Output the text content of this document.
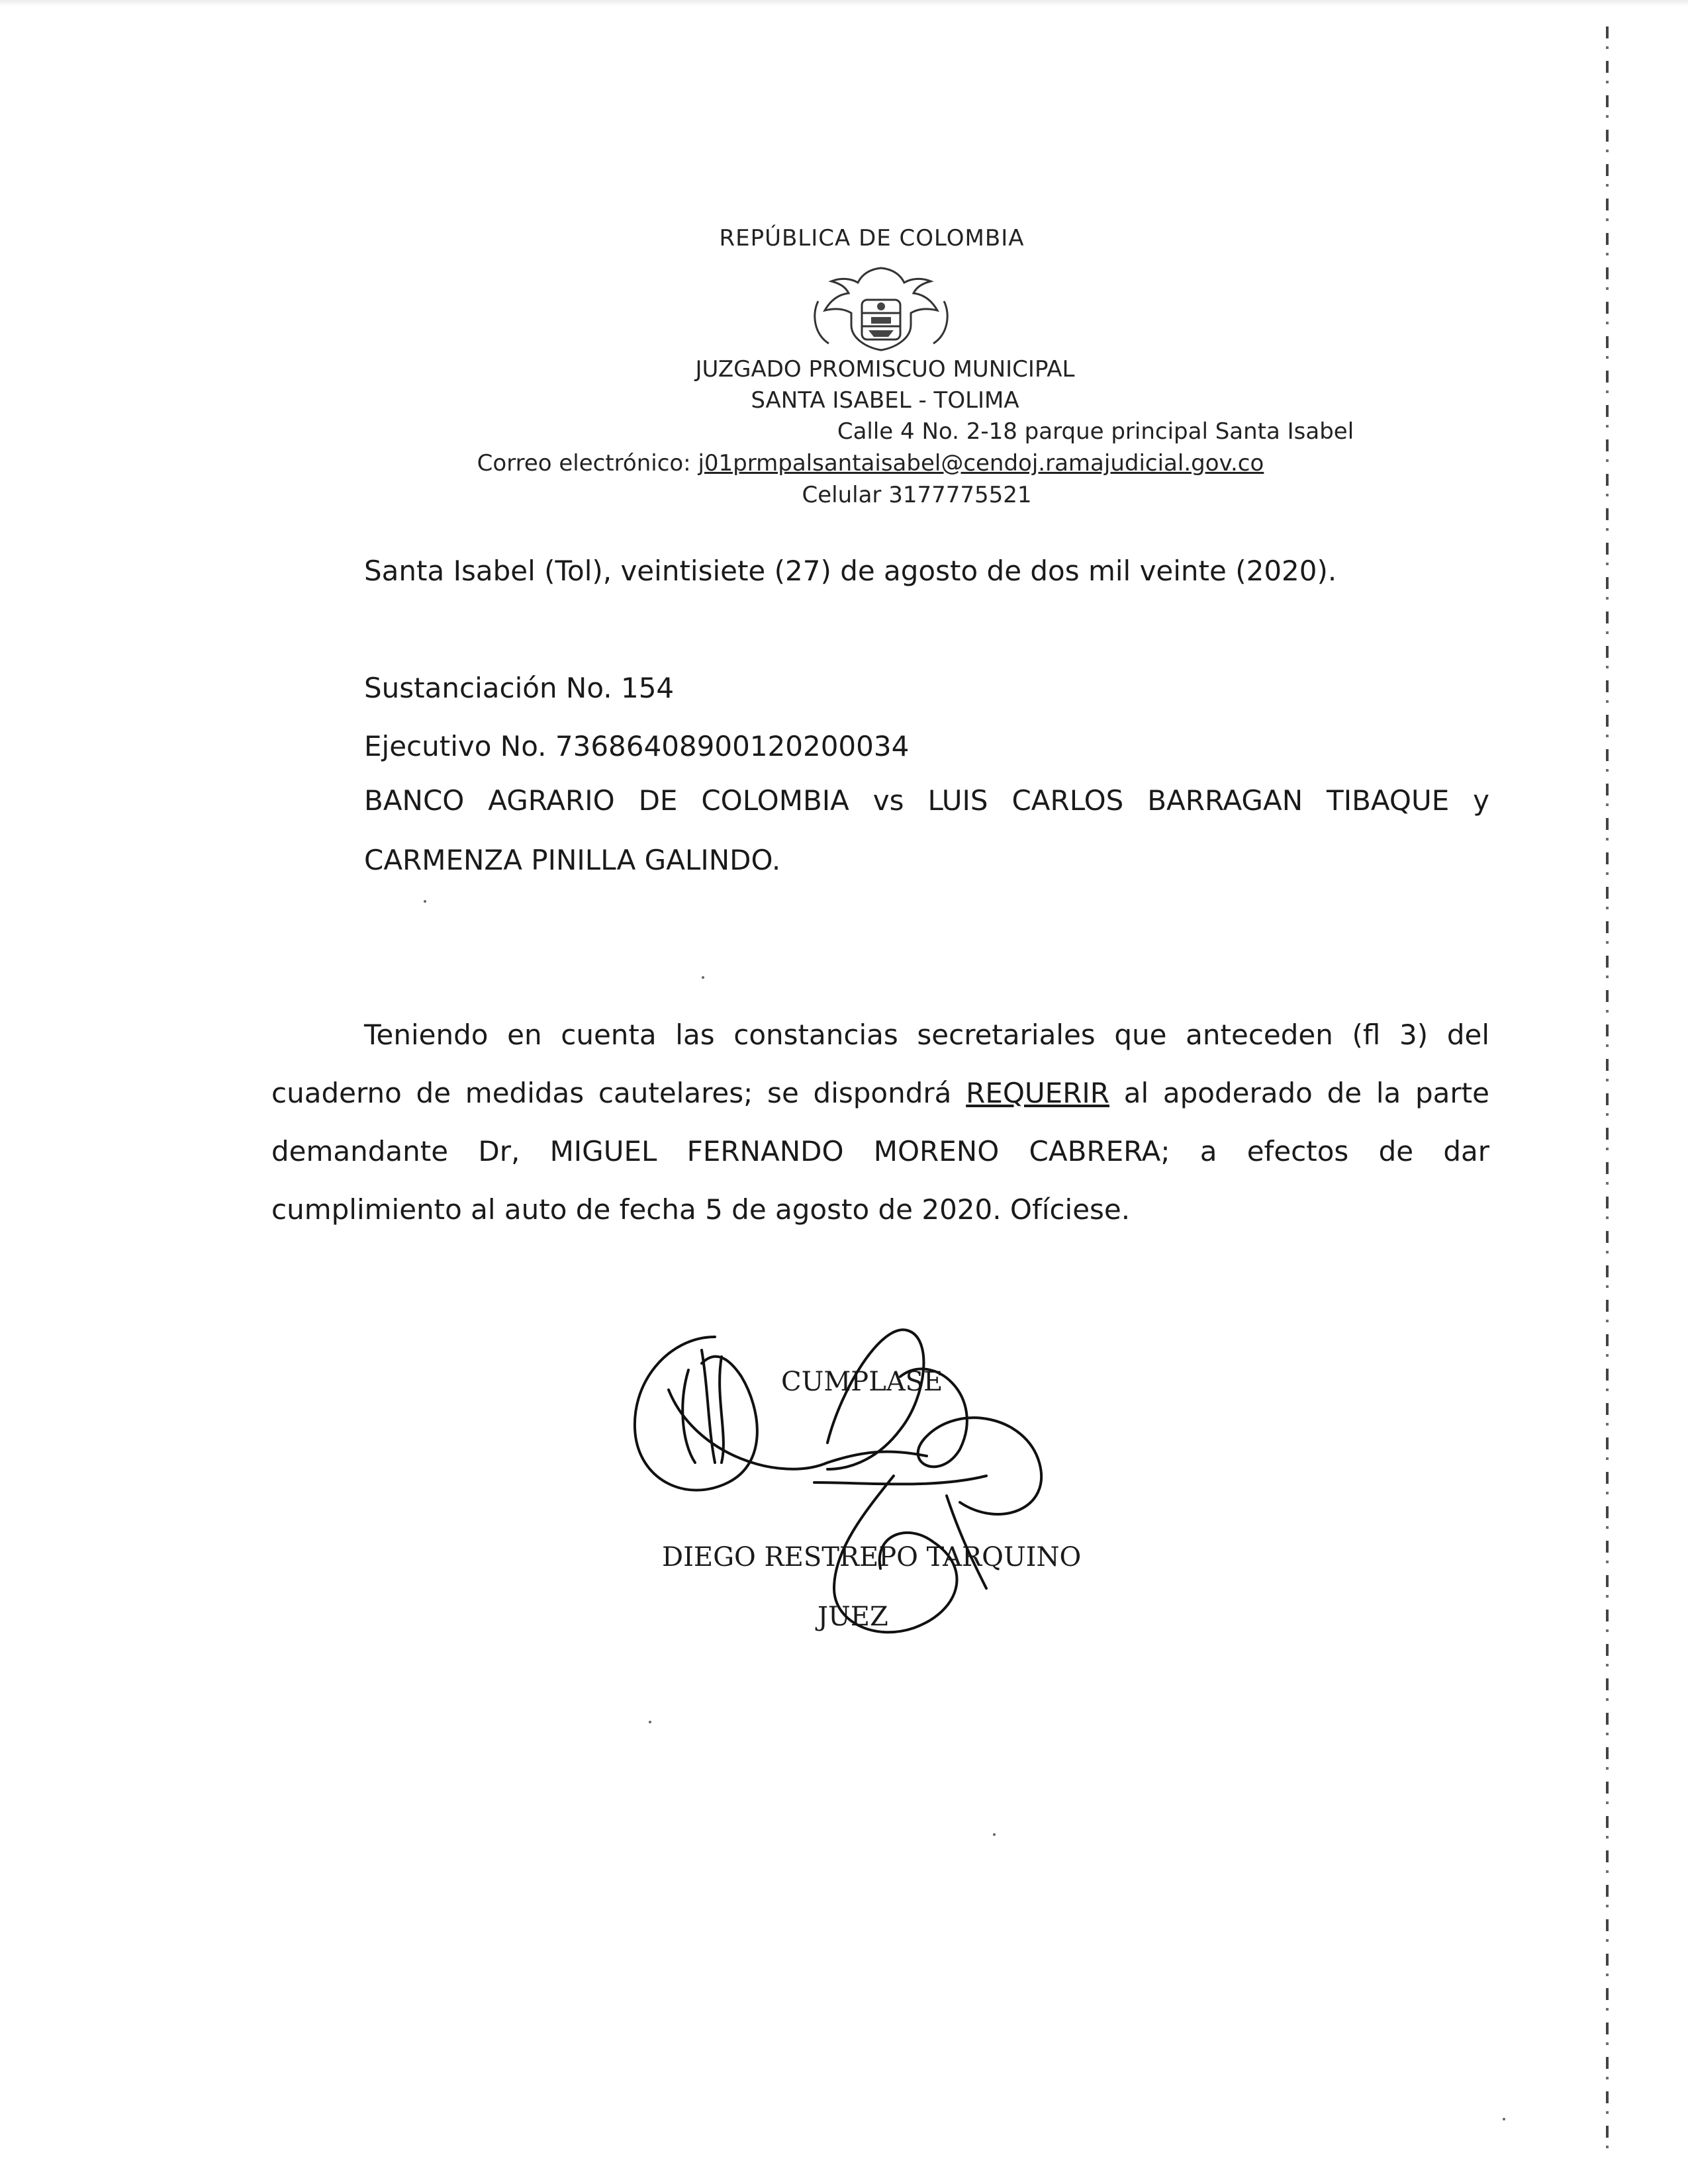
REPÚBLICA DE COLOMBIA
JUZGADO PROMISCUO MUNICIPAL
SANTA ISABEL - TOLIMA
Calle 4 No. 2-18 parque principal Santa Isabel
Correo electrónico: j01prmpalsantaisabel@cendoj.ramajudicial.gov.co
Celular 3177775521
Santa Isabel (Tol), veintisiete (27) de agosto de dos mil veinte (2020).
Sustanciación No. 154
Ejecutivo No. 73686408900120200034
BANCO AGRARIO DE COLOMBIA vs LUIS CARLOS BARRAGAN TIBAQUE y
CARMENZA PINILLA GALINDO.
Teniendo en cuenta las constancias secretariales que anteceden (fl 3) del
cuaderno de medidas cautelares; se dispondrá REQUERIR al apoderado de la parte
demandante Dr, MIGUEL FERNANDO MORENO CABRERA; a efectos de dar
cumplimiento al auto de fecha 5 de agosto de 2020. Ofíciese.
CUMPLASE
DIEGO RESTREPO TARQUINO
JUEZ
